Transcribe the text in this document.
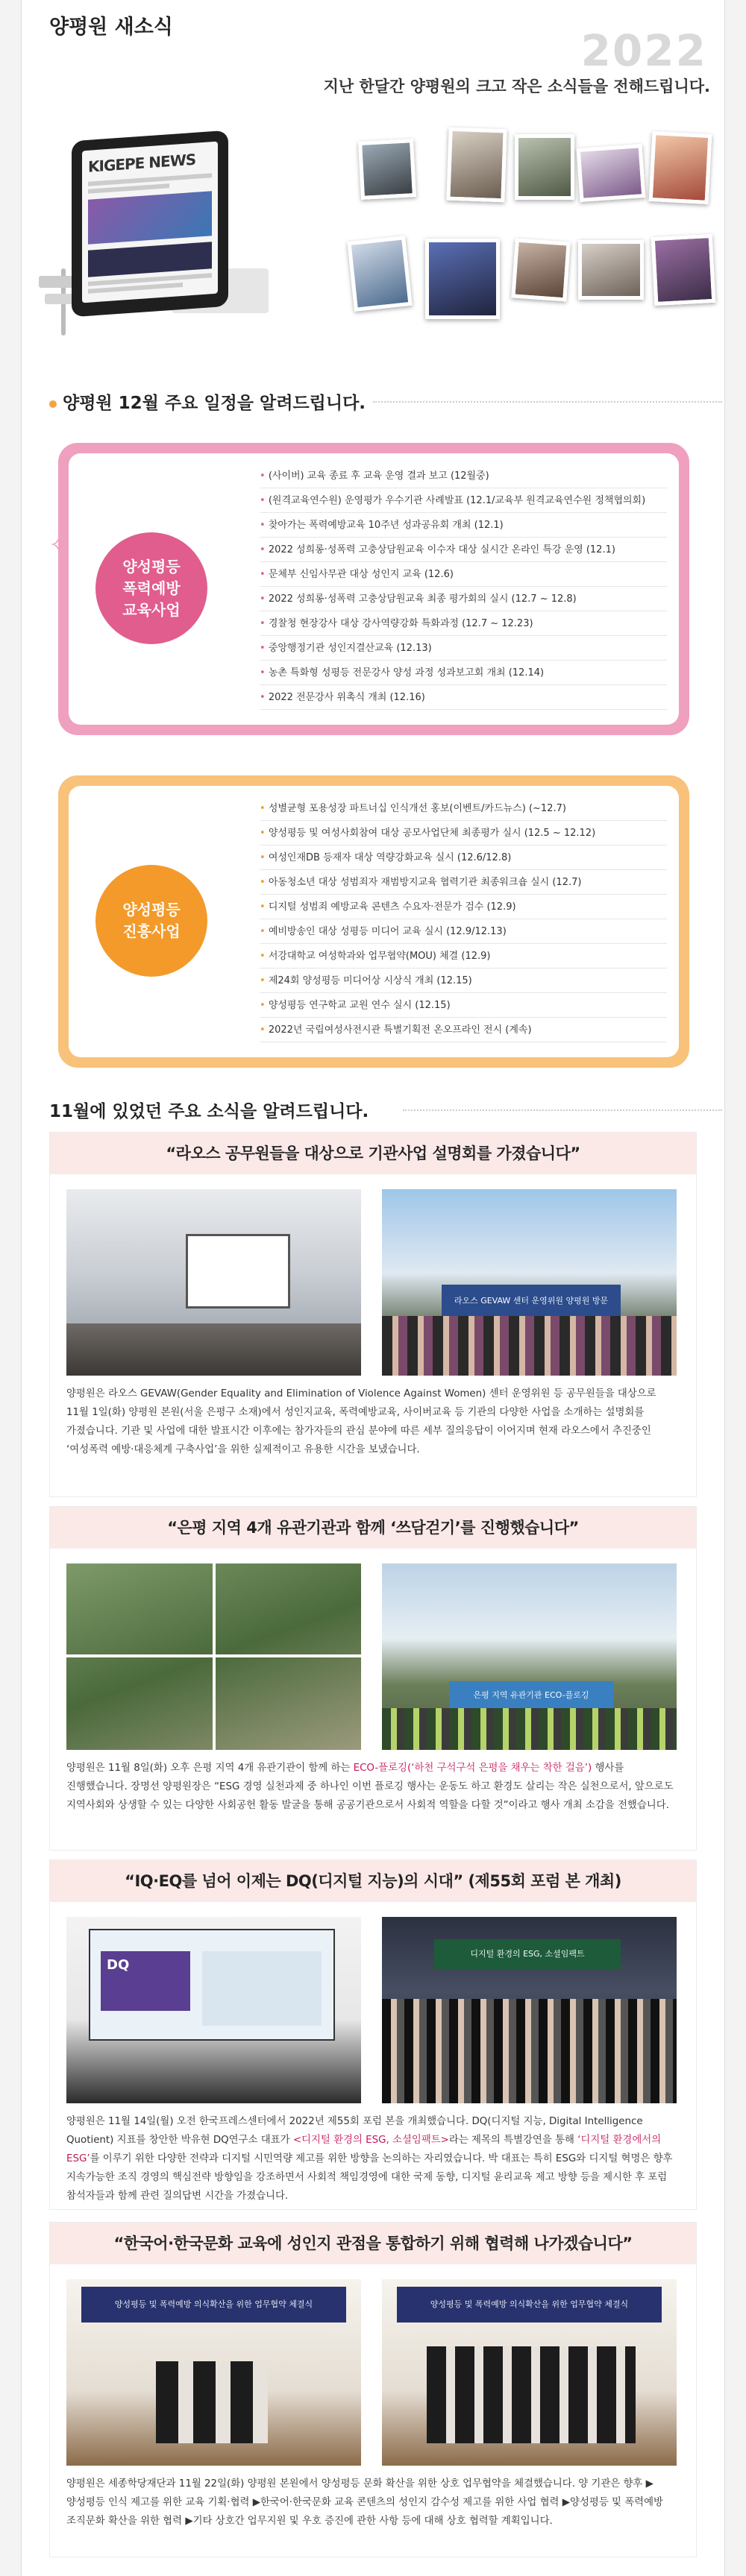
양평원 새소식	2022
지난 한달간 양평원의 크고 작은 소식들을 전해드립니다.
KIGEPE NEWS
양평원 12월 주요 일정을 알려드립니다.
✧
양성평등
폭력예방
교육사업
• (사이버) 교육 종료 후 교육 운영 결과 보고 (12월중)
• (원격교육연수원) 운영평가 우수기관 사례발표 (12.1/교육부 원격교육연수원 정책협의회)
• 찾아가는 폭력예방교육 10주년 성과공유회 개최 (12.1)
• 2022 성희롱·성폭력 고충상담원교육 이수자 대상 실시간 온라인 특강 운영 (12.1)
• 문체부 신임사무관 대상 성인지 교육 (12.6)
• 2022 성희롱·성폭력 고충상담원교육 최종 평가회의 실시 (12.7 ~ 12.8)
• 경찰청 현장강사 대상 강사역량강화 특화과정 (12.7 ~ 12.23)
• 중앙행정기관 성인지결산교육 (12.13)
• 농촌 특화형 성평등 전문강사 양성 과정 성과보고회 개최 (12.14)
• 2022 전문강사 위촉식 개최 (12.16)
양성평등
진흥사업
• 성별균형 포용성장 파트너십 인식개선 홍보(이벤트/카드뉴스) (~12.7)
• 양성평등 및 여성사회참여 대상 공모사업단체 최종평가 실시 (12.5 ~ 12.12)
• 여성인재DB 등재자 대상 역량강화교육 실시 (12.6/12.8)
• 아동청소년 대상 성범죄자 재범방지교육 협력기관 최종워크숍 실시 (12.7)
• 디지털 성범죄 예방교육 콘텐츠 수요자·전문가 검수 (12.9)
• 예비방송인 대상 성평등 미디어 교육 실시 (12.9/12.13)
• 서강대학교 여성학과와 업무협약(MOU) 체결 (12.9)
• 제24회 양성평등 미디어상 시상식 개최 (12.15)
• 양성평등 연구학교 교원 연수 실시 (12.15)
• 2022년 국립여성사전시관 특별기획전 온오프라인 전시 (계속)
11월에 있었던 주요 소식을 알려드립니다.
“라오스 공무원들을 대상으로 기관사업 설명회를 가졌습니다”
라오스 GEVAW 센터 운영위원 양평원 방문
양평원은 라오스 GEVAW(Gender Equality and Elimination of Violence Against Women) 센터 운영위원 등 공무원들을 대상으로 11월 1일(화) 양평원 본원(서울 은평구 소재)에서 성인지교육, 폭력예방교육, 사이버교육 등 기관의 다양한 사업을 소개하는 설명회를 가졌습니다. 기관 및 사업에 대한 발표시간 이후에는 참가자들의 관심 분야에 따른 세부 질의응답이 이어지며 현재 라오스에서 추진중인 ‘여성폭력 예방·대응체계 구축사업’을 위한 실제적이고 유용한 시간을 보냈습니다.
“은평 지역 4개 유관기관과 함께 ‘쓰담걷기’를 진행했습니다”
은평 지역 유관기관 ECO-플로깅
양평원은 11월 8일(화) 오후 은평 지역 4개 유관기관이 함께 하는 ECO-플로깅(‘하천 구석구석 은평을 채우는 착한 걸음’) 행사를 진행했습니다. 장명선 양평원장은 “ESG 경영 실천과제 중 하나인 이번 플로깅 행사는 운동도 하고 환경도 살리는 작은 실천으로서, 앞으로도 지역사회와 상생할 수 있는 다양한 사회공헌 활동 발굴을 통해 공공기관으로서 사회적 역할을 다할 것”이라고 행사 개최 소감을 전했습니다.
“IQ·EQ를 넘어 이제는 DQ(디지털 지능)의 시대” (제55회 포럼 본 개최)
DQ
디지털 환경의 ESG, 소셜임팩트
양평원은 11월 14일(월) 오전 한국프레스센터에서 2022년 제55회 포럼 본을 개최했습니다. DQ(디지털 지능, Digital Intelligence Quotient) 지표를 창안한 박유현 DQ연구소 대표가 <디지털 환경의 ESG, 소셜임팩트>라는 제목의 특별강연을 통해 ‘디지털 환경에서의 ESG’를 이루기 위한 다양한 전략과 디지털 시민역량 제고를 위한 방향을 논의하는 자리였습니다. 박 대표는 특히 ESG와 디지털 혁명은 향후 지속가능한 조직 경영의 핵심전략 방향임을 강조하면서 사회적 책임경영에 대한 국제 동향, 디지털 윤리교육 제고 방향 등을 제시한 후 포럼 참석자들과 함께 관련 질의답변 시간을 가졌습니다.
“한국어·한국문화 교육에 성인지 관점을 통합하기 위해 협력해 나가겠습니다”
양성평등 및 폭력예방 의식확산을 위한 업무협약 체결식	양성평등 및 폭력예방 의식확산을 위한 업무협약 체결식
양평원은 세종학당재단과 11월 22일(화) 양평원 본원에서 양성평등 문화 확산을 위한 상호 업무협약을 체결했습니다. 양 기관은 향후 ▶양성평등 인식 제고를 위한 교육 기획·협력 ▶한국어·한국문화 교육 콘텐츠의 성인지 감수성 제고를 위한 사업 협력 ▶양성평등 및 폭력예방 조직문화 확산을 위한 협력 ▶기타 상호간 업무지원 및 우호 증진에 관한 사항 등에 대해 상호 협력할 계획입니다.
